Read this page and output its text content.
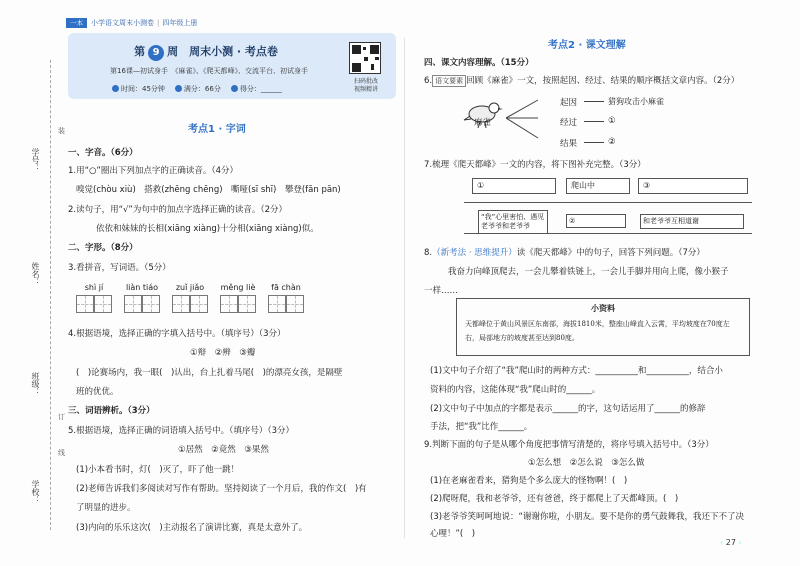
一本	小学语文周末小测卷 | 四年级上册
学号：
姓名：
班级：
学校：
装
订
线
第 9 周　周末小测 · 考点卷
第16课—初试身手　《麻雀》、《爬天都峰》、交流平台、初试身手
时间：45分钟	满分：66分	得分：______
扫码批改
视频精讲
考点1 · 字词
一、字音。（6分）
1.用“○”圈出下列加点字的正确读音。（4分）
嗅觉(chòu xiù)　搭救(zhēng chēng)　嘶哑(sī shī)　攀登(fān pān)
2.读句子，用“√”为句中的加点字选择正确的读音。（2分）
依依和妹妹的长相(xiāng xiàng)十分相(xiāng xiàng)似。
二、字形。（8分）
3.看拼音，写词语。（5分）
shì jí	liàn tiáo zuǐ jiǎo měng liè fā chàn
4.根据语境，选择正确的字填入括号中。（填序号）（3分）
①辩　②辨　③瓣
(　)论赛场内，我一眼(　)认出，台上扎着马尾(　)的漂亮女孩，是隔壁
班的优优。
三、词语辨析。（3分）
5.根据语境，选择正确的词语填入括号中。（填序号）（3分）
①居然　②竟然　③果然
(1)小本看书时，灯(　)灭了，吓了他一跳！
(2)老师告诉我们多阅读对写作有帮助。坚持阅读了一个月后，我的作文(　)有
了明显的进步。
(3)内向的乐乐这次(　)主动报名了演讲比赛，真是太意外了。
考点2 · 课文理解
四、课文内容理解。（15分）
6. 语文要素 回顾《麻雀》一文，按照起因、经过、结果的顺序概括文章内容。（2分）
麻雀
起因	猎狗攻击小麻雀
经过	①
结果	②
7.梳理《爬天都峰》一文的内容，将下图补充完整。（3分）
①	爬山中	③
“我”心里害怕、遇见老爷爷和老爷爷
②	和老爷爷互相道谢
8.（新考法 · 思维提升）读《爬天都峰》中的句子，回答下列问题。（7分）
我奋力向峰顶爬去，一会儿攀着铁链上，一会儿手脚并用向上爬，像小猴子
一样……
小资料
天都峰位于黄山风景区东南部，海拔1810米，整座山峰直入云霄，平均坡度在70度左右，局部地方的坡度甚至达到80度。
(1)文中句子介绍了“我”爬山时的两种方式：__________和__________，结合小
资料的内容，这能体现“我”爬山时的______。
(2)文中句子中加点的字都是表示______的字，这句话运用了______的修辞
手法，把“我”比作______。
9.判断下面的句子是从哪个角度把事情写清楚的，将序号填入括号中。（3分）
①怎么想　②怎么说　③怎么做
(1)在老麻雀看来，猎狗是个多么庞大的怪物啊！(　)
(2)爬呀爬，我和老爷爷，还有爸爸，终于都爬上了天都峰顶。(　)
(3)老爷爷笑呵呵地说：“谢谢你啦，小朋友。要不是你的勇气鼓舞我，我还下不了决
心哩！”(　)
‹ 27 ›
